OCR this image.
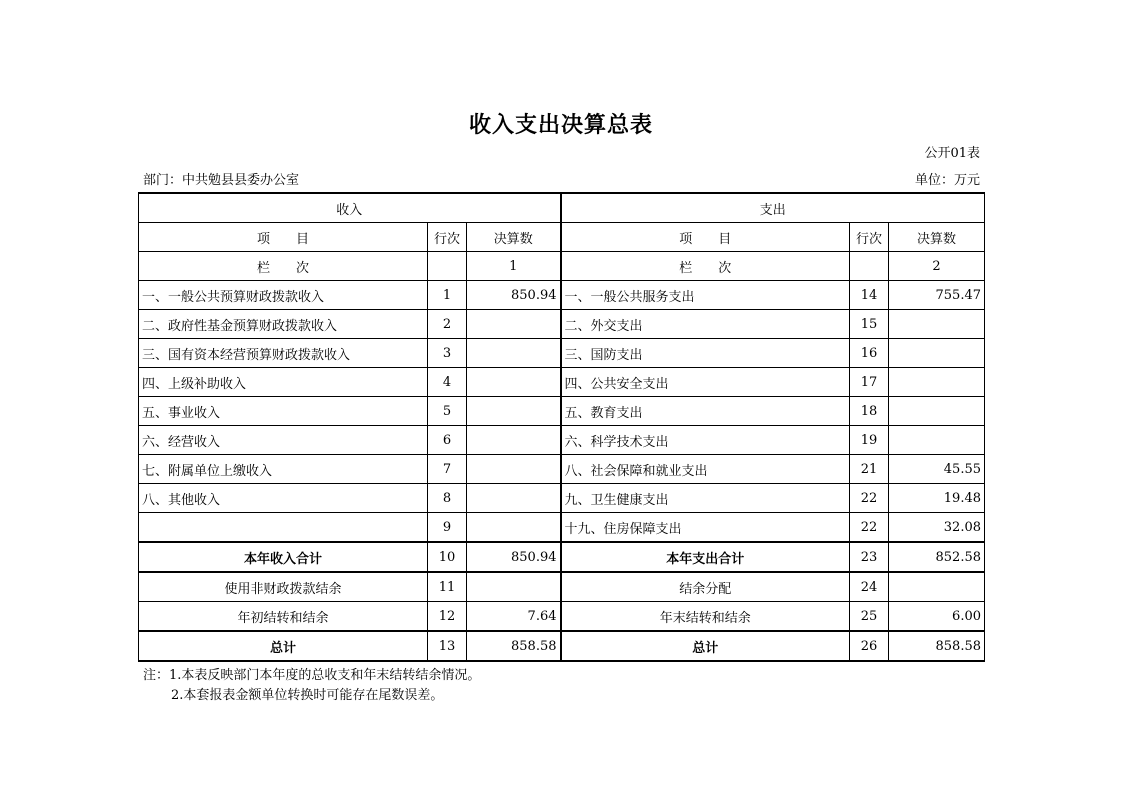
收入支出决算总表
公开01表
部门：中共勉县县委办公室	单位：万元
收入			支出		
项　　目	行次	决算数	项　　目	行次	决算数
栏　　次		1	栏　　次		2
一、一般公共预算财政拨款收入	1	850.94	一、一般公共服务支出	14	755.47
二、政府性基金预算财政拨款收入	2		二、外交支出	15	
三、国有资本经营预算财政拨款收入	3		三、国防支出	16	
四、上级补助收入	4		四、公共安全支出	17	
五、事业收入	5		五、教育支出	18	
六、经营收入	6		六、科学技术支出	19	
七、附属单位上缴收入	7		八、社会保障和就业支出	21	45.55
八、其他收入	8		九、卫生健康支出	22	19.48
	9		十九、住房保障支出	22	32.08
本年收入合计	10	850.94	本年支出合计	23	852.58
使用非财政拨款结余	11		结余分配	24	
年初结转和结余	12	7.64	年末结转和结余	25	6.00
总计	13	858.58	总计	26	858.58
注：1.本表反映部门本年度的总收支和年末结转结余情况。
2.本套报表金额单位转换时可能存在尾数误差。
